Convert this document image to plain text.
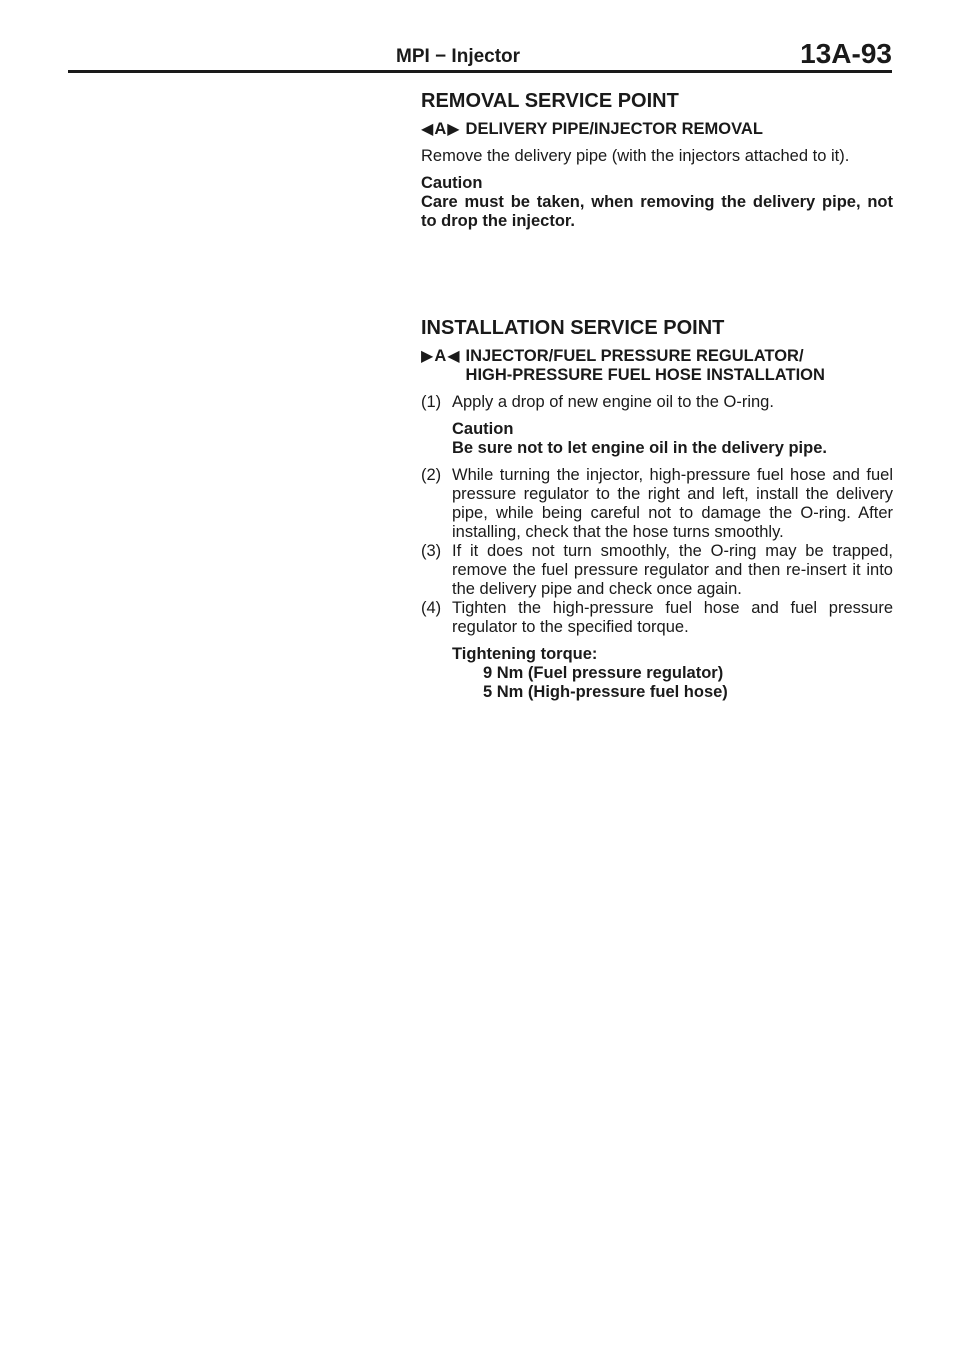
MPI − Injector	13A-93
REMOVAL SERVICE POINT
◀ A ▶ DELIVERY PIPE/INJECTOR REMOVAL

Remove the delivery pipe (with the injectors attached to it).

Caution

Care must be taken, when removing the delivery pipe, not to drop the injector.

INSTALLATION SERVICE POINT
▶ A ◀ INJECTOR/FUEL PRESSURE REGULATOR/
HIGH-PRESSURE FUEL HOSE INSTALLATION
(1) Apply a drop of new engine oil to the O-ring.

Caution

Be sure not to let engine oil in the delivery pipe.

(2) While turning the injector, high-pressure fuel hose and fuel pressure regulator to the right and left, install the delivery pipe, while being careful not to damage the O-ring. After installing, check that the hose turns smoothly.
(3) If it does not turn smoothly, the O-ring may be trapped, remove the fuel pressure regulator and then re-insert it into the delivery pipe and check once again.
(4) Tighten the high-pressure fuel hose and fuel pressure regulator to the specified torque.

Tightening torque:

9 Nm (Fuel pressure regulator)

5 Nm (High-pressure fuel hose)
